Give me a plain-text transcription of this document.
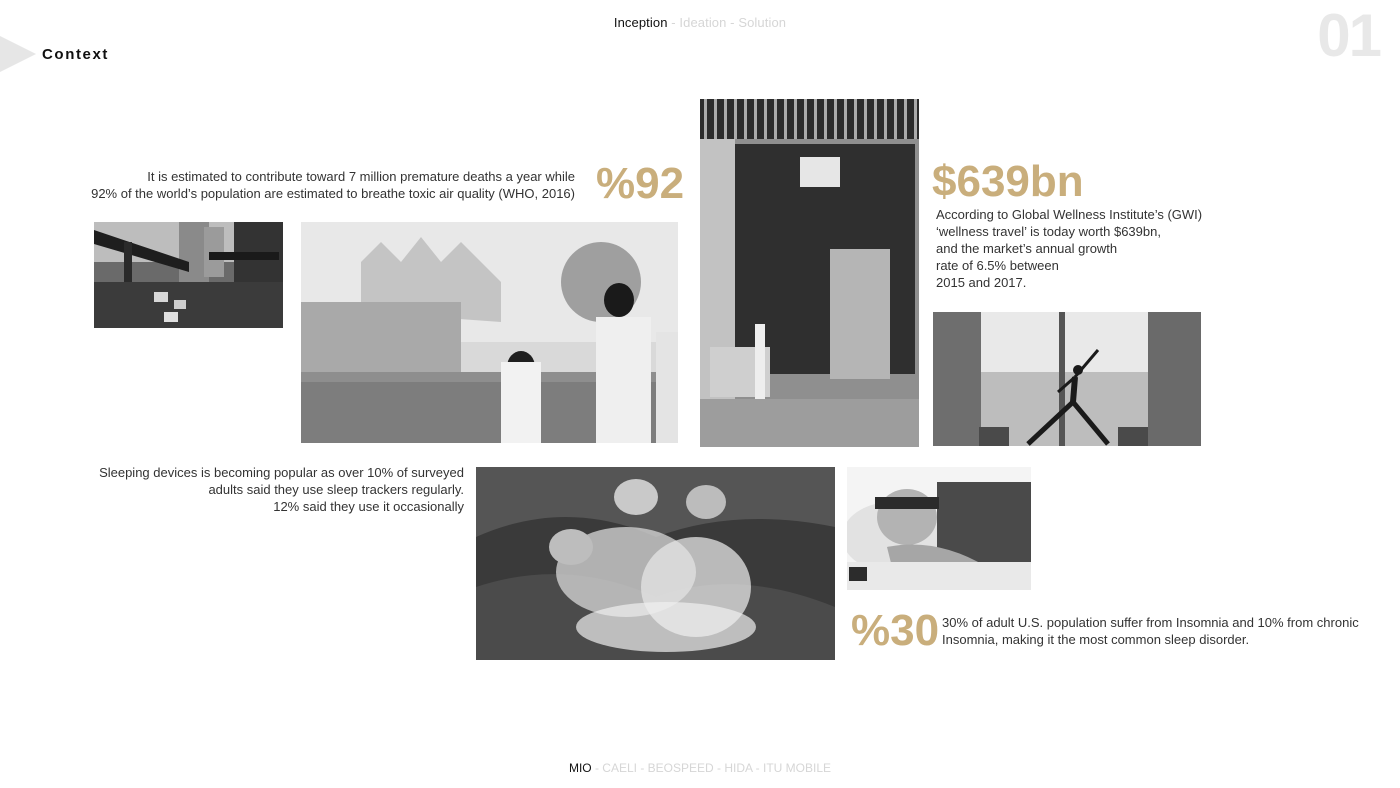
Inception - Ideation - Solution	01
Context
It is estimated to contribute toward 7 million premature deaths a year while
92% of the world’s population are estimated to breathe toxic air quality (WHO, 2016) %92	$639bn
According to Global Wellness Institute’s (GWI)
‘wellness travel’ is today worth $639bn,
and the market’s annual growth
rate of 6.5% between
2015 and 2017.
Sleeping devices is becoming popular as over 10% of surveyed
adults said they use sleep trackers regularly.
12% said they use it occasionally
%30 30% of adult U.S. population suffer from Insomnia and 10% from chronic
Insomnia, making it the most common sleep disorder.
MIO - CAELI - BEOSPEED - HIDA - ITU MOBILE
